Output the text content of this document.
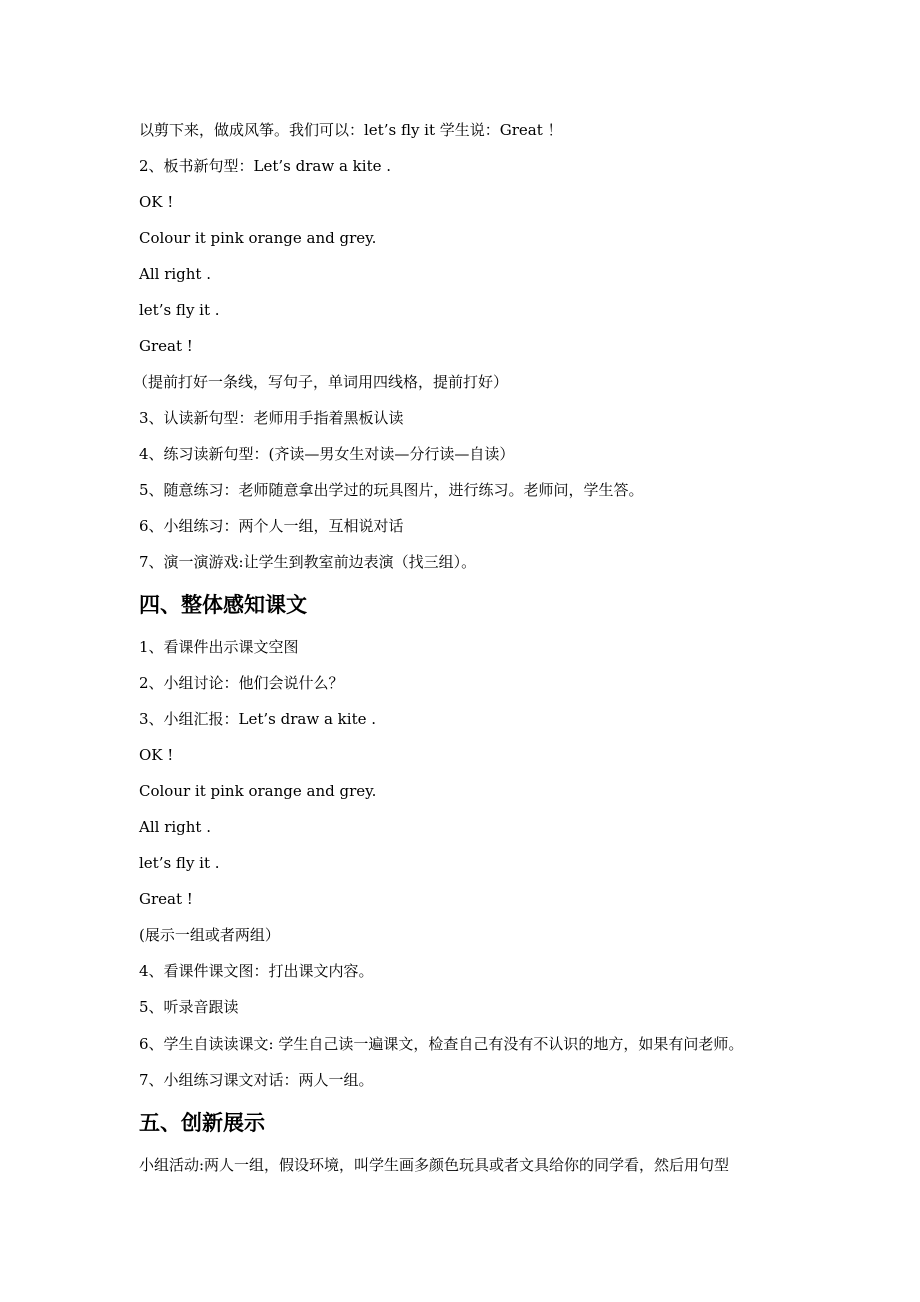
以剪下来，做成风筝。我们可以：let’s fly it 学生说：Great ！
2、板书新句型：Let’s draw a kite .
OK !
Colour it pink orange and grey.
All right .
let’s fly it .
Great !
（提前打好一条线，写句子，单词用四线格，提前打好）
3、认读新句型：老师用手指着黑板认读
4、练习读新句型：(齐读—男女生对读—分行读—自读）
5、随意练习：老师随意拿出学过的玩具图片，进行练习。老师问，学生答。
6、小组练习：两个人一组，互相说对话
7、演一演游戏:让学生到教室前边表演（找三组）。
四、整体感知课文
1、看课件出示课文空图
2、小组讨论：他们会说什么？
3、小组汇报：Let’s draw a kite .
OK !
Colour it pink orange and grey.
All right .
let’s fly it .
Great !
(展示一组或者两组）
4、看课件课文图：打出课文内容。
5、听录音跟读
6、学生自读读课文: 学生自己读一遍课文，检查自己有没有不认识的地方，如果有问老师。
7、小组练习课文对话：两人一组。
五、创新展示
小组活动:两人一组，假设环境，叫学生画多颜色玩具或者文具给你的同学看，然后用句型
